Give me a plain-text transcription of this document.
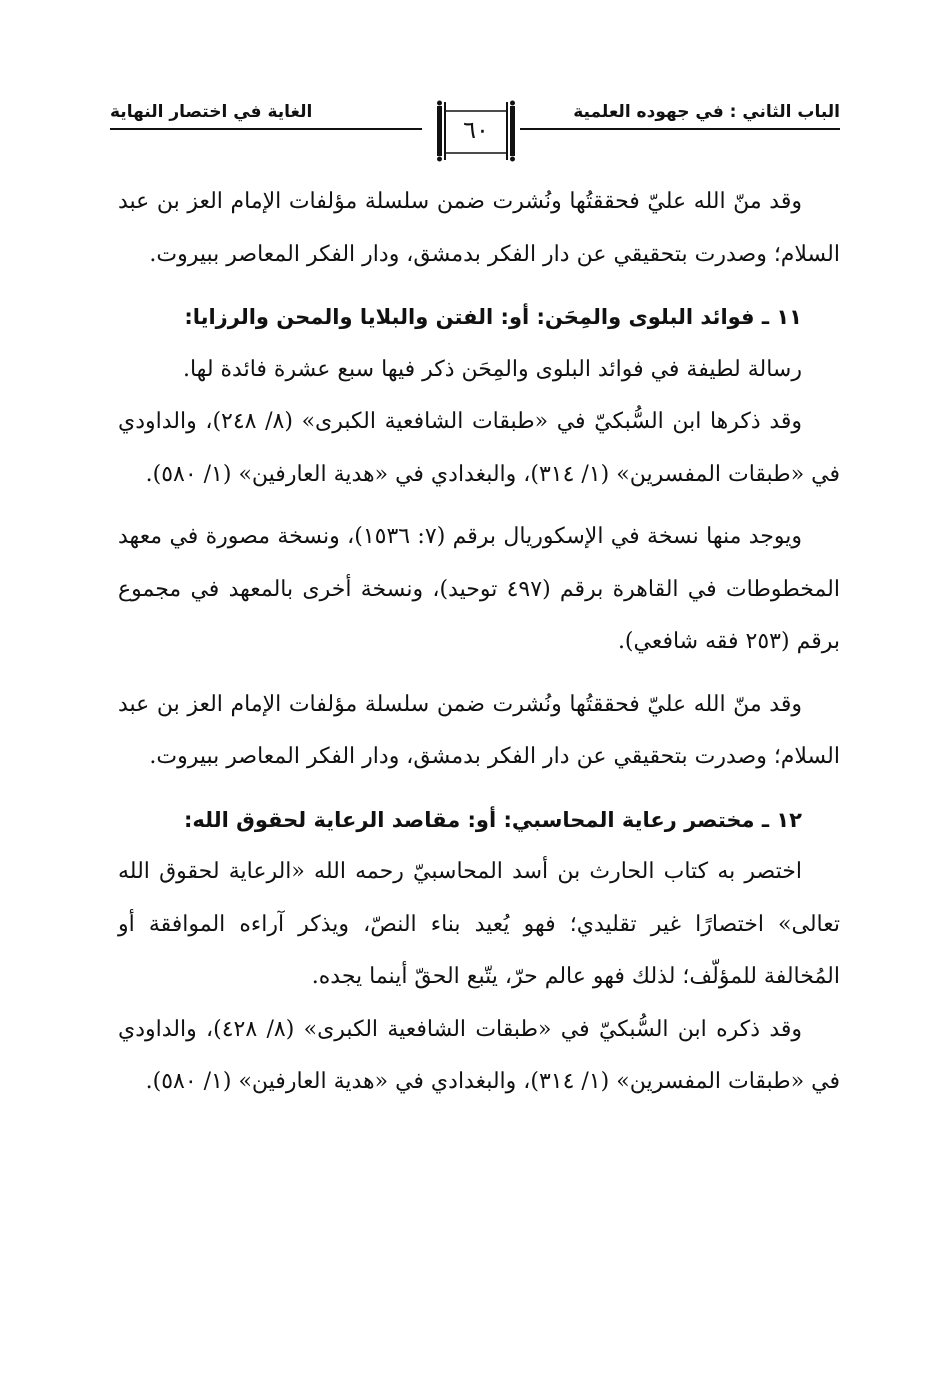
الباب الثاني : في جهوده العلمية
٦٠
الغاية في اختصار النهاية

وقد منّ الله عليّ فحققتُها ونُشرت ضمن سلسلة مؤلفات الإمام العز بن عبد السلام؛ وصدرت بتحقيقي عن دار الفكر بدمشق، ودار الفكر المعاصر ببيروت.

١١ ـ فوائد البلوى والمِحَن: أو: الفتن والبلايا والمحن والرزايا:

رسالة لطيفة في فوائد البلوى والمِحَن ذكر فيها سبع عشرة فائدة لها.

وقد ذكرها ابن السُّبكيّ في «طبقات الشافعية الكبرى» (٨/ ٢٤٨)، والداودي في «طبقات المفسرين» (١/ ٣١٤)، والبغدادي في «هدية العارفين» (١/ ٥٨٠).

ويوجد منها نسخة في الإسكوريال برقم (٧: ١٥٣٦)، ونسخة مصورة في معهد المخطوطات في القاهرة برقم (٤٩٧ توحيد)، ونسخة أخرى بالمعهد في مجموع برقم (٢٥٣ فقه شافعي).

وقد منّ الله عليّ فحققتُها ونُشرت ضمن سلسلة مؤلفات الإمام العز بن عبد السلام؛ وصدرت بتحقيقي عن دار الفكر بدمشق، ودار الفكر المعاصر ببيروت.

١٢ ـ مختصر رعاية المحاسبي: أو: مقاصد الرعاية لحقوق الله:

اختصر به كتاب الحارث بن أسد المحاسبيّ رحمه الله «الرعاية لحقوق الله تعالى» اختصارًا غير تقليدي؛ فهو يُعيد بناء النصّ، ويذكر آراءه الموافقة أو المُخالفة للمؤلّف؛ لذلك فهو عالم حرّ، يتّبع الحقّ أينما يجده.

وقد ذكره ابن السُّبكيّ في «طبقات الشافعية الكبرى» (٨/ ٤٢٨)، والداودي في «طبقات المفسرين» (١/ ٣١٤)، والبغدادي في «هدية العارفين» (١/ ٥٨٠).
